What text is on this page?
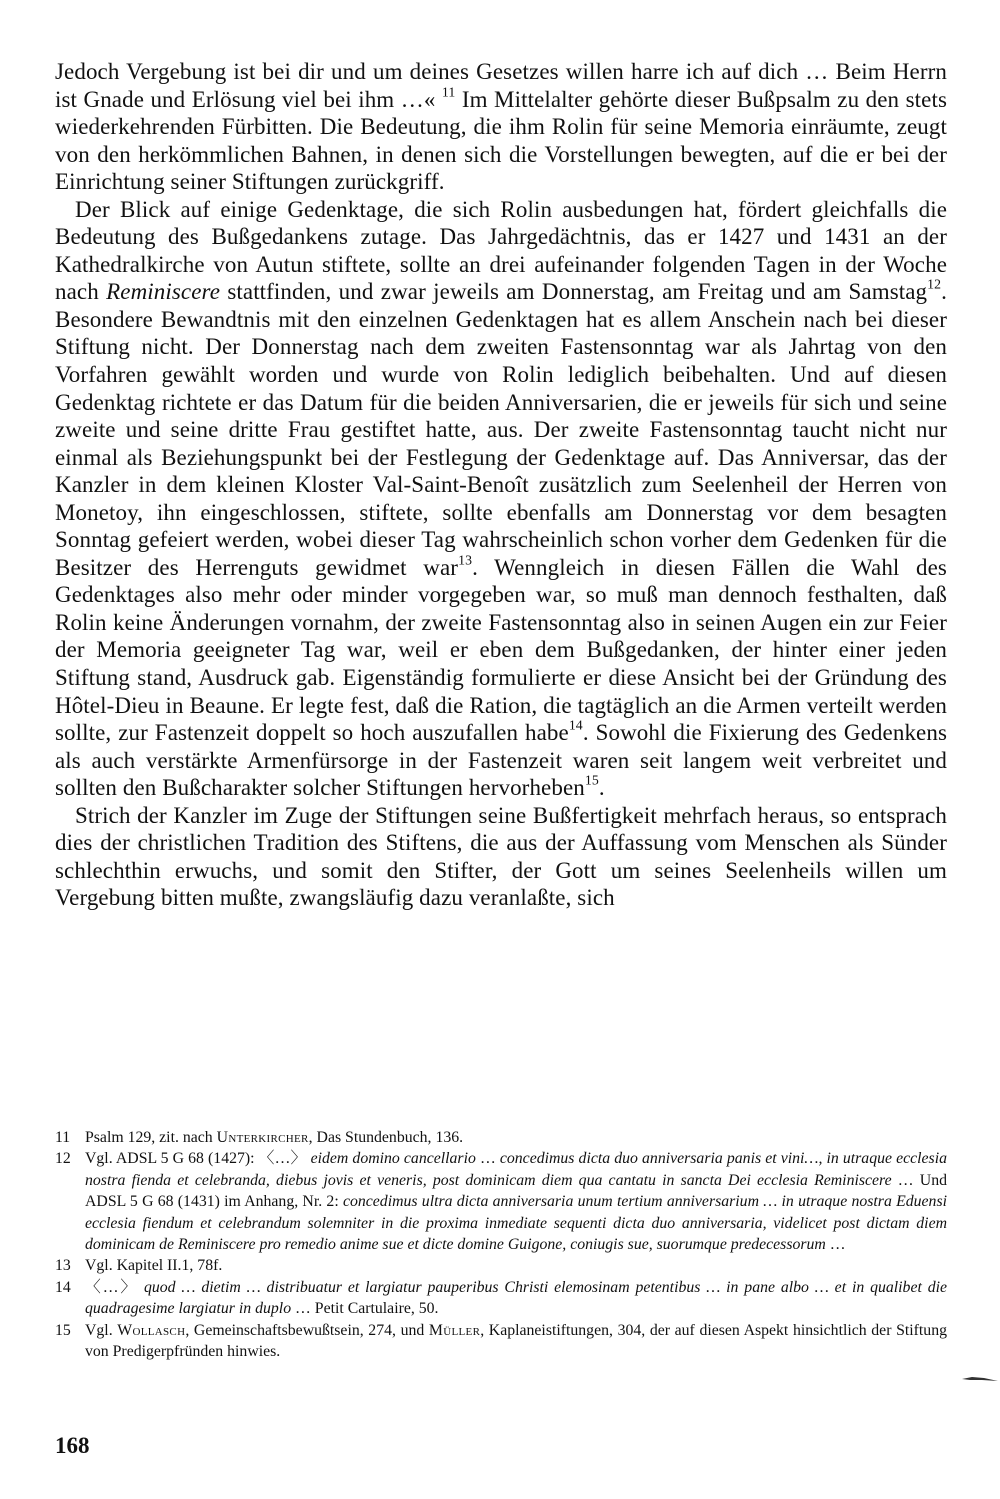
Jedoch Vergebung ist bei dir und um deines Gesetzes willen harre ich auf dich … Beim Herrn ist Gnade und Erlösung viel bei ihm …« $^{11}$ Im Mittelalter gehörte dieser Bußpsalm zu den stets wiederkehrenden Fürbitten. Die Bedeutung, die ihm Rolin für seine Memoria einräumte, zeugt von den herkömmlichen Bahnen, in denen sich die Vorstellungen bewegten, auf die er bei der Einrichtung seiner Stiftungen zurückgriff.

Der Blick auf einige Gedenktage, die sich Rolin ausbedungen hat, fördert gleichfalls die Bedeutung des Bußgedankens zutage. Das Jahrgedächtnis, das er 1427 und 1431 an der Kathedralkirche von Autun stiftete, sollte an drei aufeinander folgenden Tagen in der Woche nach Reminiscere stattfinden, und zwar jeweils am Donnerstag, am Freitag und am Samstag$^{12}$. Besondere Bewandtnis mit den einzelnen Gedenktagen hat es allem Anschein nach bei dieser Stiftung nicht. Der Donnerstag nach dem zweiten Fastensonntag war als Jahrtag von den Vorfahren gewählt worden und wurde von Rolin lediglich beibehalten. Und auf diesen Gedenktag richtete er das Datum für die beiden Anniversarien, die er jeweils für sich und seine zweite und seine dritte Frau gestiftet hatte, aus. Der zweite Fastensonntag taucht nicht nur einmal als Beziehungspunkt bei der Festlegung der Gedenktage auf. Das Anniversar, das der Kanzler in dem kleinen Kloster Val-Saint-Benoît zusätzlich zum Seelenheil der Herren von Monetoy, ihn eingeschlossen, stiftete, sollte ebenfalls am Donnerstag vor dem besagten Sonntag gefeiert werden, wobei dieser Tag wahrscheinlich schon vorher dem Gedenken für die Besitzer des Herrenguts gewidmet war$^{13}$. Wenngleich in diesen Fällen die Wahl des Gedenktages also mehr oder minder vorgegeben war, so muß man dennoch festhalten, daß Rolin keine Änderungen vornahm, der zweite Fastensonntag also in seinen Augen ein zur Feier der Memoria geeigneter Tag war, weil er eben dem Bußgedanken, der hinter einer jeden Stiftung stand, Ausdruck gab. Eigenständig formulierte er diese Ansicht bei der Gründung des Hôtel-Dieu in Beaune. Er legte fest, daß die Ration, die tagtäglich an die Armen verteilt werden sollte, zur Fastenzeit doppelt so hoch auszufallen habe$^{14}$. Sowohl die Fixierung des Gedenkens als auch verstärkte Armenfürsorge in der Fastenzeit waren seit langem weit verbreitet und sollten den Bußcharakter solcher Stiftungen hervorheben$^{15}$.

Strich der Kanzler im Zuge der Stiftungen seine Bußfertigkeit mehrfach heraus, so entsprach dies der christlichen Tradition des Stiftens, die aus der Auffassung vom Menschen als Sünder schlechthin erwuchs, und somit den Stifter, der Gott um seines Seelenheils willen um Vergebung bitten mußte, zwangsläufig dazu veranlaßte, sich

11 Psalm 129, zit. nach Unterkircher, Das Stundenbuch, 136.

12 Vgl. ADSL 5 G 68 (1427): 〈…〉 eidem domino cancellario … concedimus dicta duo anniversaria panis et vini…, in utraque ecclesia nostra fienda et celebranda, diebus jovis et veneris, post dominicam diem qua cantatu in sancta Dei ecclesia Reminiscere … Und ADSL 5 G 68 (1431) im Anhang, Nr. 2: concedimus ultra dicta anniversaria unum tertium anniversarium … in utraque nostra Eduensi ecclesia fiendum et celebrandum solemniter in die proxima inmediate sequenti dicta duo anniversaria, videlicet post dictam diem dominicam de Reminiscere pro remedio anime sue et dicte domine Guigone, coniugis sue, suorumque predecessorum …

13 Vgl. Kapitel II.1, 78f.

14 〈…〉 quod … dietim … distribuatur et largiatur pauperibus Christi elemosinam petentibus … in pane albo … et in qualibet die quadragesime largiatur in duplo … Petit Cartulaire, 50.

15 Vgl. Wollasch, Gemeinschaftsbewußtsein, 274, und Müller, Kaplaneistiftungen, 304, der auf diesen Aspekt hinsichtlich der Stiftung von Predigerpfründen hinwies.

168
